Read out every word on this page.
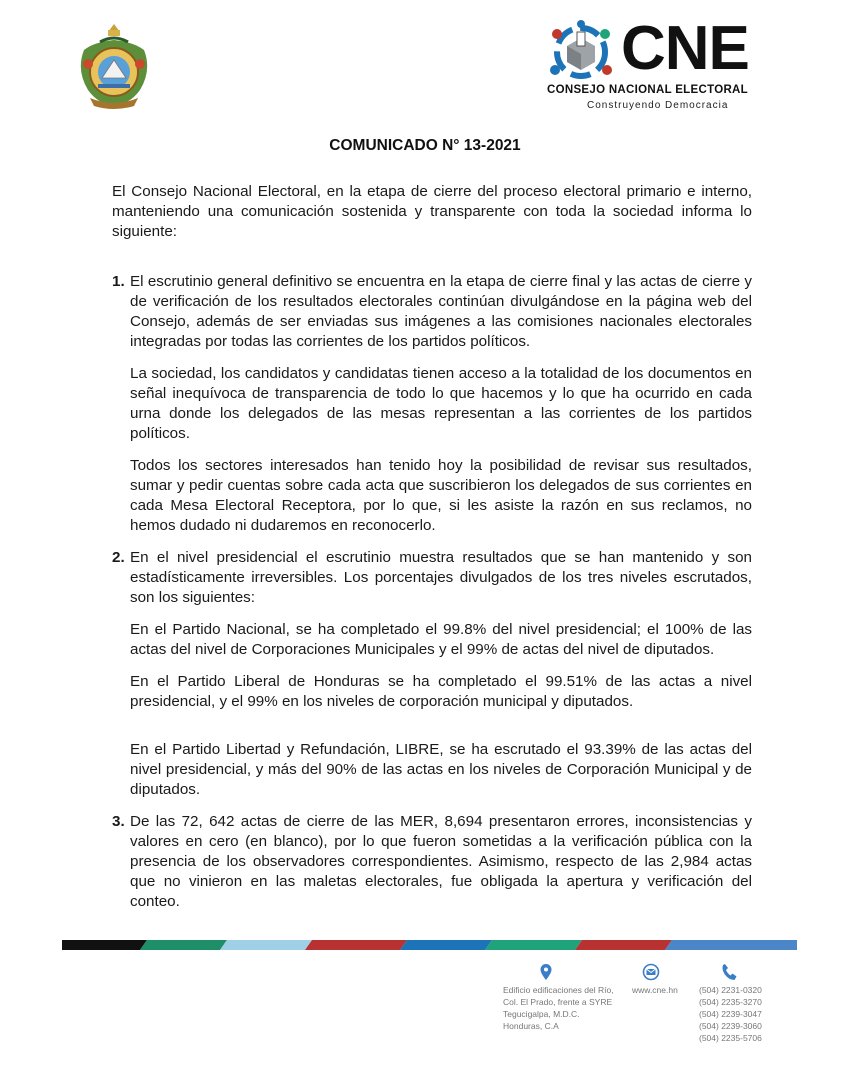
CNE
CONSEJO NACIONAL ELECTORAL
Construyendo Democracia
COMUNICADO N° 13-2021

El Consejo Nacional Electoral, en la etapa de cierre del proceso electoral primario e interno, manteniendo una comunicación sostenida y transparente con toda la sociedad informa lo siguiente:

1. El escrutinio general definitivo se encuentra en la etapa de cierre final y las actas de cierre y de verificación de los resultados electorales continúan divulgándose en la página web del Consejo, además de ser enviadas sus imágenes a las comisiones nacionales electorales integradas por todas las corrientes de los partidos políticos.

La sociedad, los candidatos y candidatas tienen acceso a la totalidad de los documentos en señal inequívoca de transparencia de todo lo que hacemos y lo que ha ocurrido en cada urna donde los delegados de las mesas representan a las corrientes de los partidos políticos.

Todos los sectores interesados han tenido hoy la posibilidad de revisar sus resultados, sumar y pedir cuentas sobre cada acta que suscribieron los delegados de sus corrientes en cada Mesa Electoral Receptora, por lo que, si les asiste la razón en sus reclamos, no hemos dudado ni dudaremos en reconocerlo.

2. En el nivel presidencial el escrutinio muestra resultados que se han mantenido y son estadísticamente irreversibles. Los porcentajes divulgados de los tres niveles escrutados, son los siguientes:

En el Partido Nacional, se ha completado el 99.8% del nivel presidencial; el 100% de las actas del nivel de Corporaciones Municipales y el 99% de actas del nivel de diputados.

En el Partido Liberal de Honduras se ha completado el 99.51% de las actas a nivel presidencial, y el 99% en los niveles de corporación municipal y diputados.

En el Partido Libertad y Refundación, LIBRE, se ha escrutado el 93.39% de las actas del nivel presidencial, y más del 90% de las actas en los niveles de Corporación Municipal y de diputados.

3. De las 72, 642 actas de cierre de las MER, 8,694 presentaron errores, inconsistencias y valores en cero (en blanco), por lo que fueron sometidas a la verificación pública con la presencia de los observadores correspondientes. Asimismo, respecto de las 2,984 actas que no vinieron en las maletas electorales, fue obligada la apertura y verificación del conteo.

Edificio edificaciones del Río,
Col. El Prado, frente a SYRE
Tegucigalpa, M.D.C.
Honduras, C.A
www.cne.hn (504) 2231-0320
(504) 2235-3270
(504) 2239-3047
(504) 2239-3060
(504) 2235-5706
